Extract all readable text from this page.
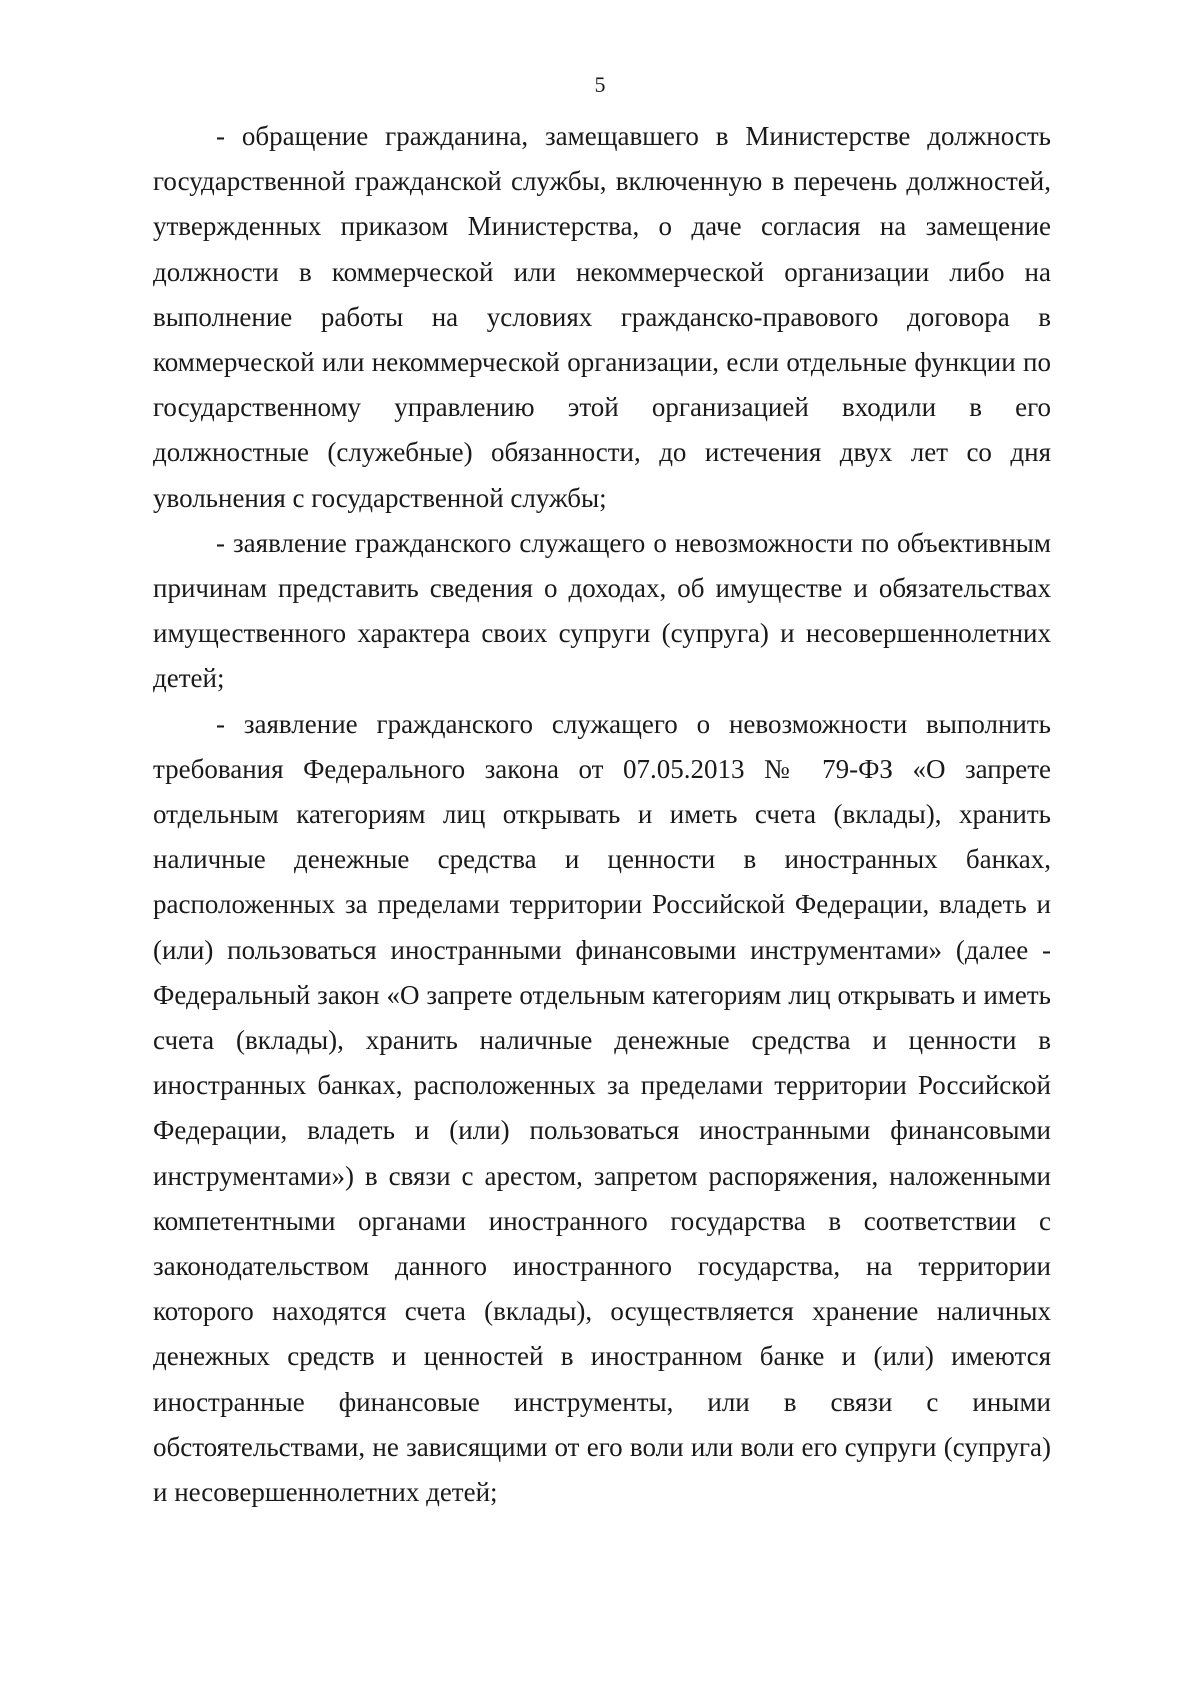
5

- обращение гражданина, замещавшего в Министерстве должность государственной гражданской службы, включенную в перечень должностей, утвержденных приказом Министерства, о даче согласия на замещение должности в коммерческой или некоммерческой организации либо на выполнение работы на условиях гражданско-правового договора в коммерческой или некоммерческой организации, если отдельные функции по государственному управлению этой организацией входили в его должностные (служебные) обязанности, до истечения двух лет со дня увольнения с государственной службы;

- заявление гражданского служащего о невозможности по объективным причинам представить сведения о доходах, об имуществе и обязательствах имущественного характера своих супруги (супруга) и несовершеннолетних детей;

- заявление гражданского служащего о невозможности выполнить требования Федерального закона от 07.05.2013 № 79-ФЗ «О запрете отдельным категориям лиц открывать и иметь счета (вклады), хранить наличные денежные средства и ценности в иностранных банках, расположенных за пределами территории Российской Федерации, владеть и (или) пользоваться иностранными финансовыми инструментами» (далее - Федеральный закон «О запрете отдельным категориям лиц открывать и иметь счета (вклады), хранить наличные денежные средства и ценности в иностранных банках, расположенных за пределами территории Российской Федерации, владеть и (или) пользоваться иностранными финансовыми инструментами») в связи с арестом, запретом распоряжения, наложенными компетентными органами иностранного государства в соответствии с законодательством данного иностранного государства, на территории которого находятся счета (вклады), осуществляется хранение наличных денежных средств и ценностей в иностранном банке и (или) имеются иностранные финансовые инструменты, или в связи с иными обстоятельствами, не зависящими от его воли или воли его супруги (супруга) и несовершеннолетних детей;
